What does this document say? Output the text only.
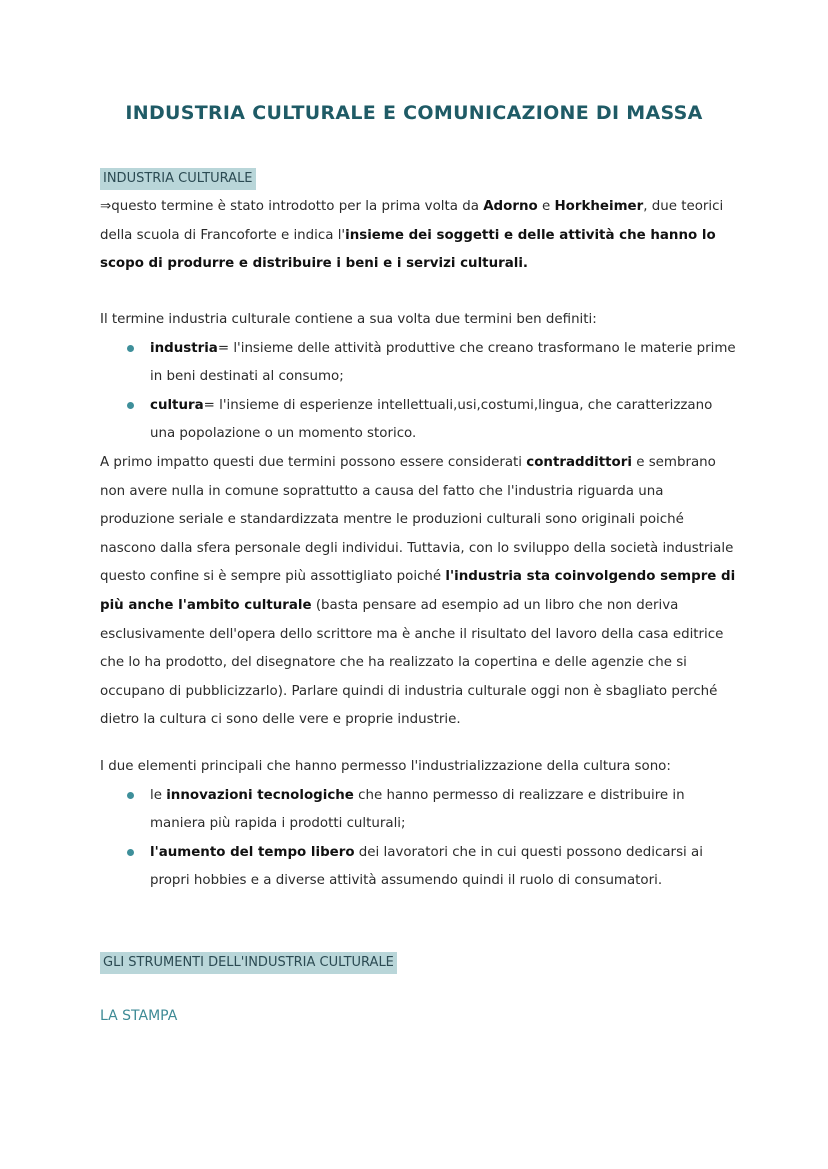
INDUSTRIA CULTURALE E COMUNICAZIONE DI MASSA
INDUSTRIA CULTURALE

⇒questo termine è stato introdotto per la prima volta da Adorno e Horkheimer, due teorici della scuola di Francoforte e indica l'insieme dei soggetti e delle attività che hanno lo scopo di produrre e distribuire i beni e i servizi culturali.

Il termine industria culturale contiene a sua volta due termini ben definiti:

industria= l'insieme delle attività produttive che creano trasformano le materie prime in beni destinati al consumo;
cultura= l'insieme di esperienze intellettuali,usi,costumi,lingua, che caratterizzano una popolazione o un momento storico.

A primo impatto questi due termini possono essere considerati contraddittori e sembrano non avere nulla in comune soprattutto a causa del fatto che l'industria riguarda una produzione seriale e standardizzata mentre le produzioni culturali sono originali poiché nascono dalla sfera personale degli individui. Tuttavia, con lo sviluppo della società industriale questo confine si è sempre più assottigliato poiché l'industria sta coinvolgendo sempre di più anche l'ambito culturale (basta pensare ad esempio ad un libro che non deriva esclusivamente dell'opera dello scrittore ma è anche il risultato del lavoro della casa editrice che lo ha prodotto, del disegnatore che ha realizzato la copertina e delle agenzie che si occupano di pubblicizzarlo). Parlare quindi di industria culturale oggi non è sbagliato perché dietro la cultura ci sono delle vere e proprie industrie.

I due elementi principali che hanno permesso l'industrializzazione della cultura sono:

le innovazioni tecnologiche che hanno permesso di realizzare e distribuire in maniera più rapida i prodotti culturali;
l'aumento del tempo libero dei lavoratori che in cui questi possono dedicarsi ai propri hobbies e a diverse attività assumendo quindi il ruolo di consumatori.
GLI STRUMENTI DELL'INDUSTRIA CULTURALE
LA STAMPA
